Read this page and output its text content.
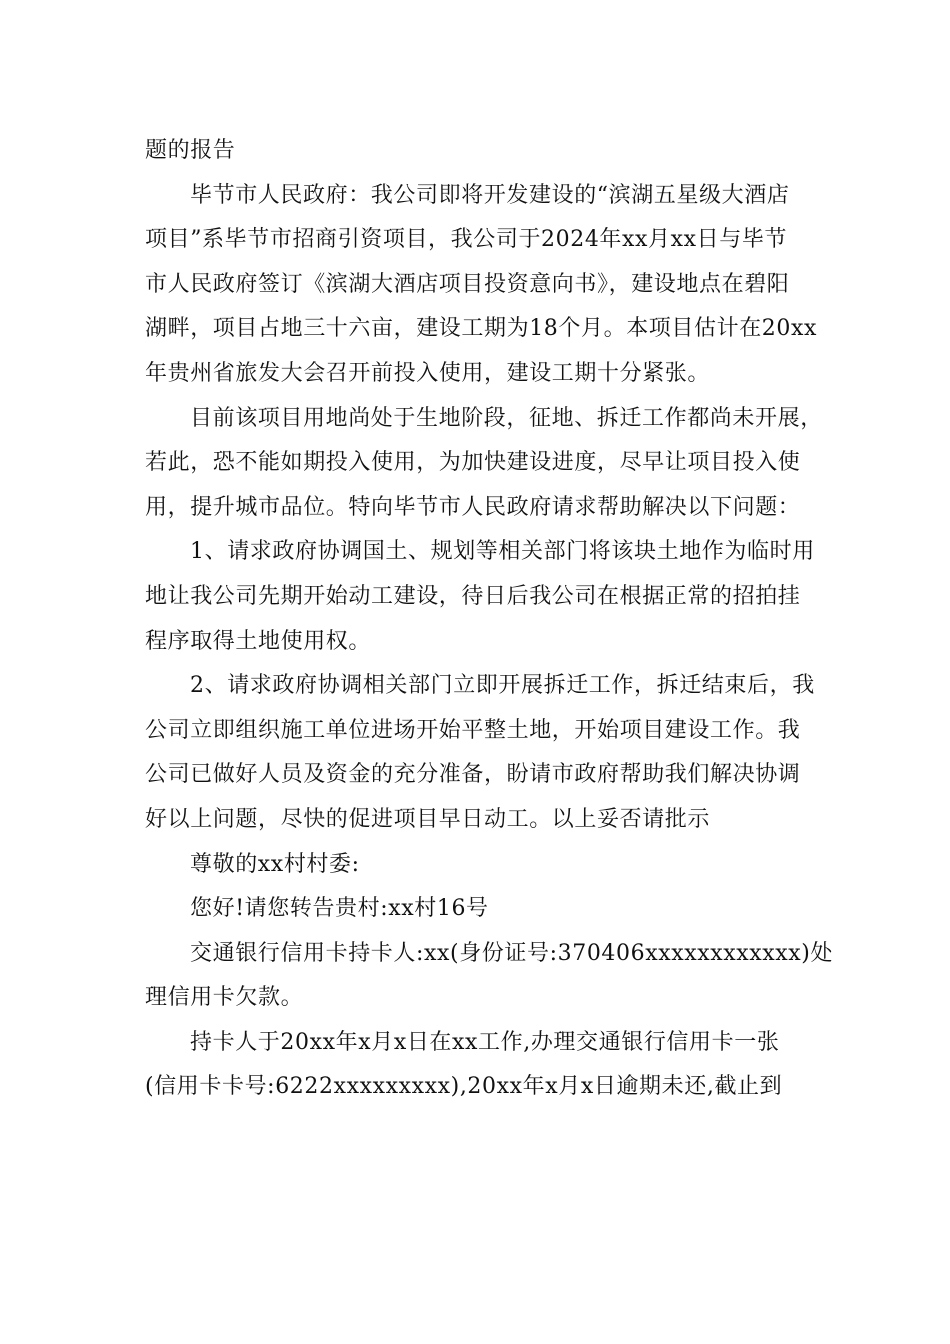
题的报告
毕节市人民政府：我公司即将开发建设的“滨湖五星级大酒店
项目”系毕节市招商引资项目，我公司于2024年xx月xx日与毕节
市人民政府签订《滨湖大酒店项目投资意向书》，建设地点在碧阳
湖畔，项目占地三十六亩，建设工期为18个月。本项目估计在20xx
年贵州省旅发大会召开前投入使用，建设工期十分紧张。
目前该项目用地尚处于生地阶段，征地、拆迁工作都尚未开展，
若此，恐不能如期投入使用，为加快建设进度，尽早让项目投入使
用，提升城市品位。特向毕节市人民政府请求帮助解决以下问题：
1、请求政府协调国土、规划等相关部门将该块土地作为临时用
地让我公司先期开始动工建设，待日后我公司在根据正常的招拍挂
程序取得土地使用权。
2、请求政府协调相关部门立即开展拆迁工作，拆迁结束后，我
公司立即组织施工单位进场开始平整土地，开始项目建设工作。我
公司已做好人员及资金的充分准备，盼请市政府帮助我们解决协调
好以上问题，尽快的促进项目早日动工。以上妥否请批示
尊敬的xx村村委:
您好!请您转告贵村:xx村16号
交通银行信用卡持卡人:xx(身份证号:370406xxxxxxxxxxxx)处
理信用卡欠款。
持卡人于20xx年x月x日在xx工作,办理交通银行信用卡一张
(信用卡卡号:6222xxxxxxxxx),20xx年x月x日逾期未还,截止到
